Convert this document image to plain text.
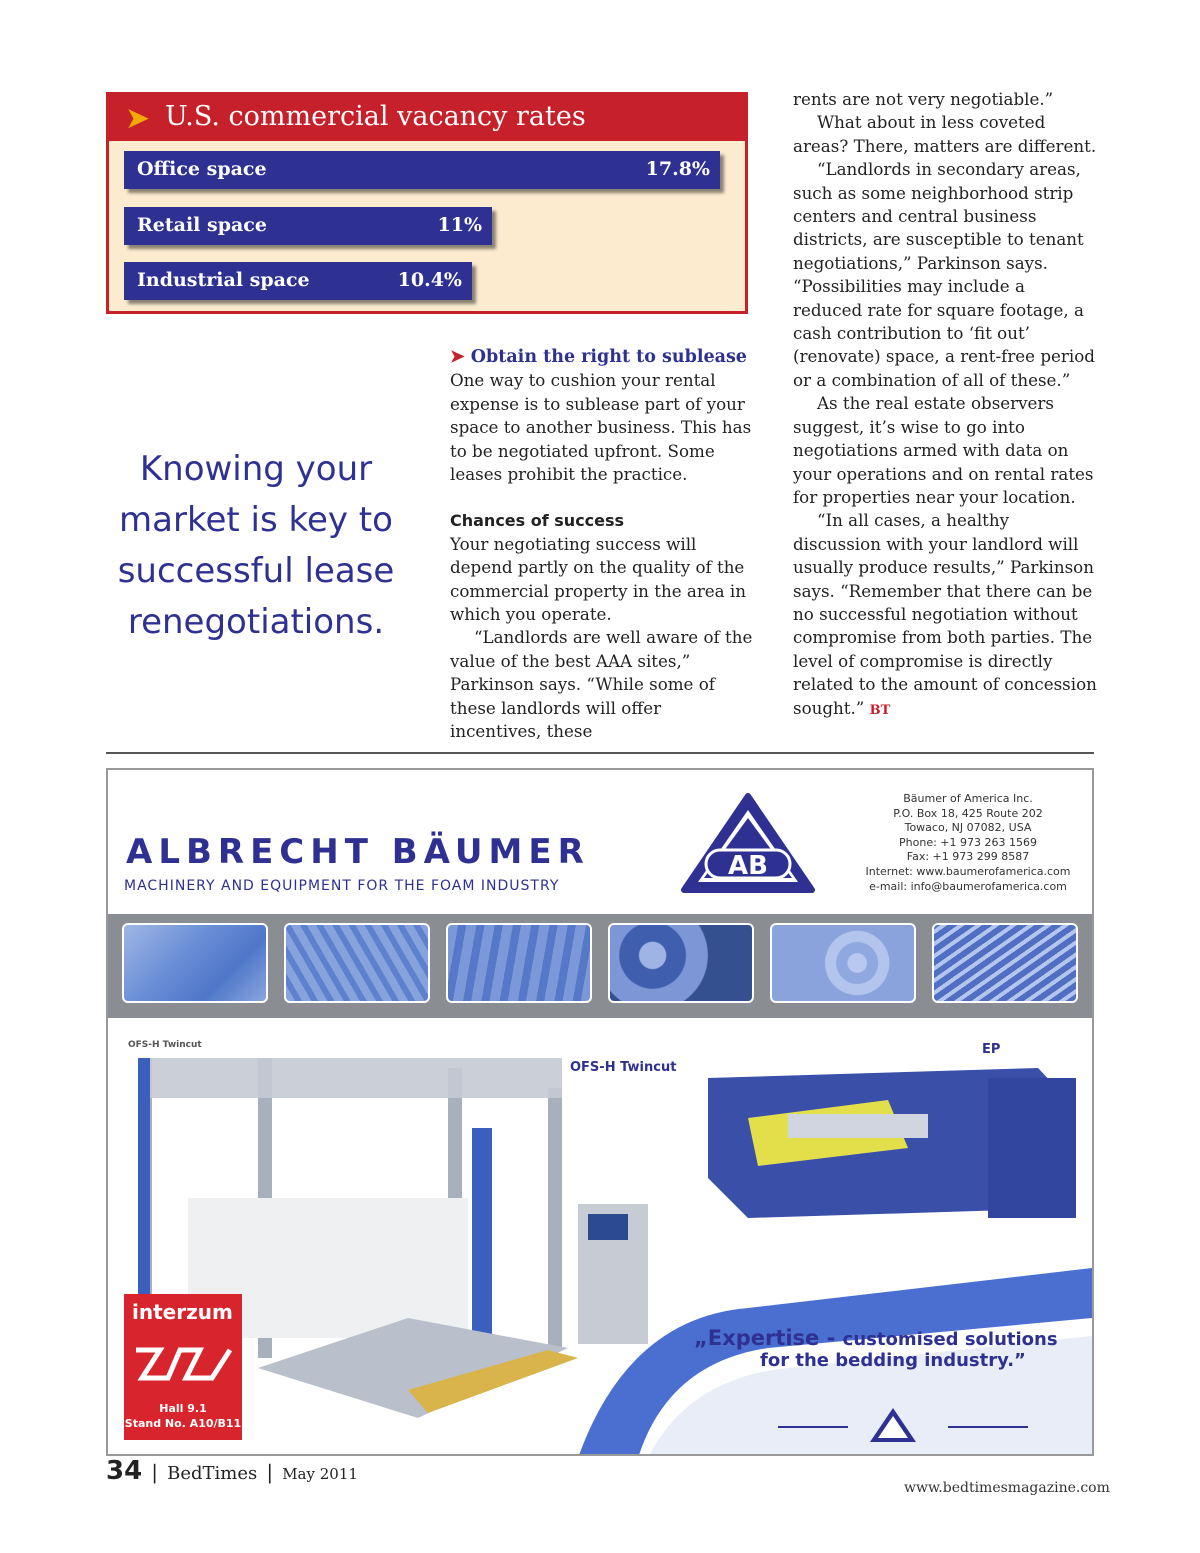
➤ U.S. commercial vacancy rates
Office space	17.8%
Retail space	11%
Industrial space	10.4%
Knowing your market is key to successful lease renegotiations.

➤ Obtain the right to sublease

One way to cushion your rental expense is to sublease part of your space to another business. This has to be negotiated upfront. Some leases prohibit the practice.

Chances of success

Your negotiating success will depend partly on the quality of the commercial property in the area in which you operate.

“Landlords are well aware of the value of the best AAA sites,” Parkinson says. “While some of these landlords will offer incentives, these

rents are not very negotiable.”

What about in less coveted areas? There, matters are different.

“Landlords in secondary areas, such as some neighborhood strip centers and central business districts, are susceptible to tenant negotiations,” Parkinson says. “Possibilities may include a reduced rate for square footage, a cash contribution to ‘fit out’ (renovate) space, a rent-free period or a combination of all of these.”

As the real estate observers suggest, it’s wise to go into negotiations armed with data on your operations and on rental rates for properties near your location.

“In all cases, a healthy discussion with your landlord will usually produce results,” Parkinson says. “Remember that there can be no successful negotiation without compromise from both parties. The level of compromise is directly related to the amount of concession sought.” BT

ALBRECHT BÄUMER
MACHINERY AND EQUIPMENT FOR THE FOAM INDUSTRY
AB
Bäumer of America Inc.
P.O. Box 18, 425 Route 202
Towaco, NJ 07082, USA
Phone: +1 973 263 1569
Fax: +1 973 299 8587
Internet: www.baumerofamerica.com
e-mail: info@baumerofamerica.com
OFS-H Twincut
OFS-H Twincut
EP
„Expertise - customised solutions
for the bedding industry.”
interzum
Hall 9.1
Stand No. A10/B11
34 | BedTimes | May 2011
www.bedtimesmagazine.com
